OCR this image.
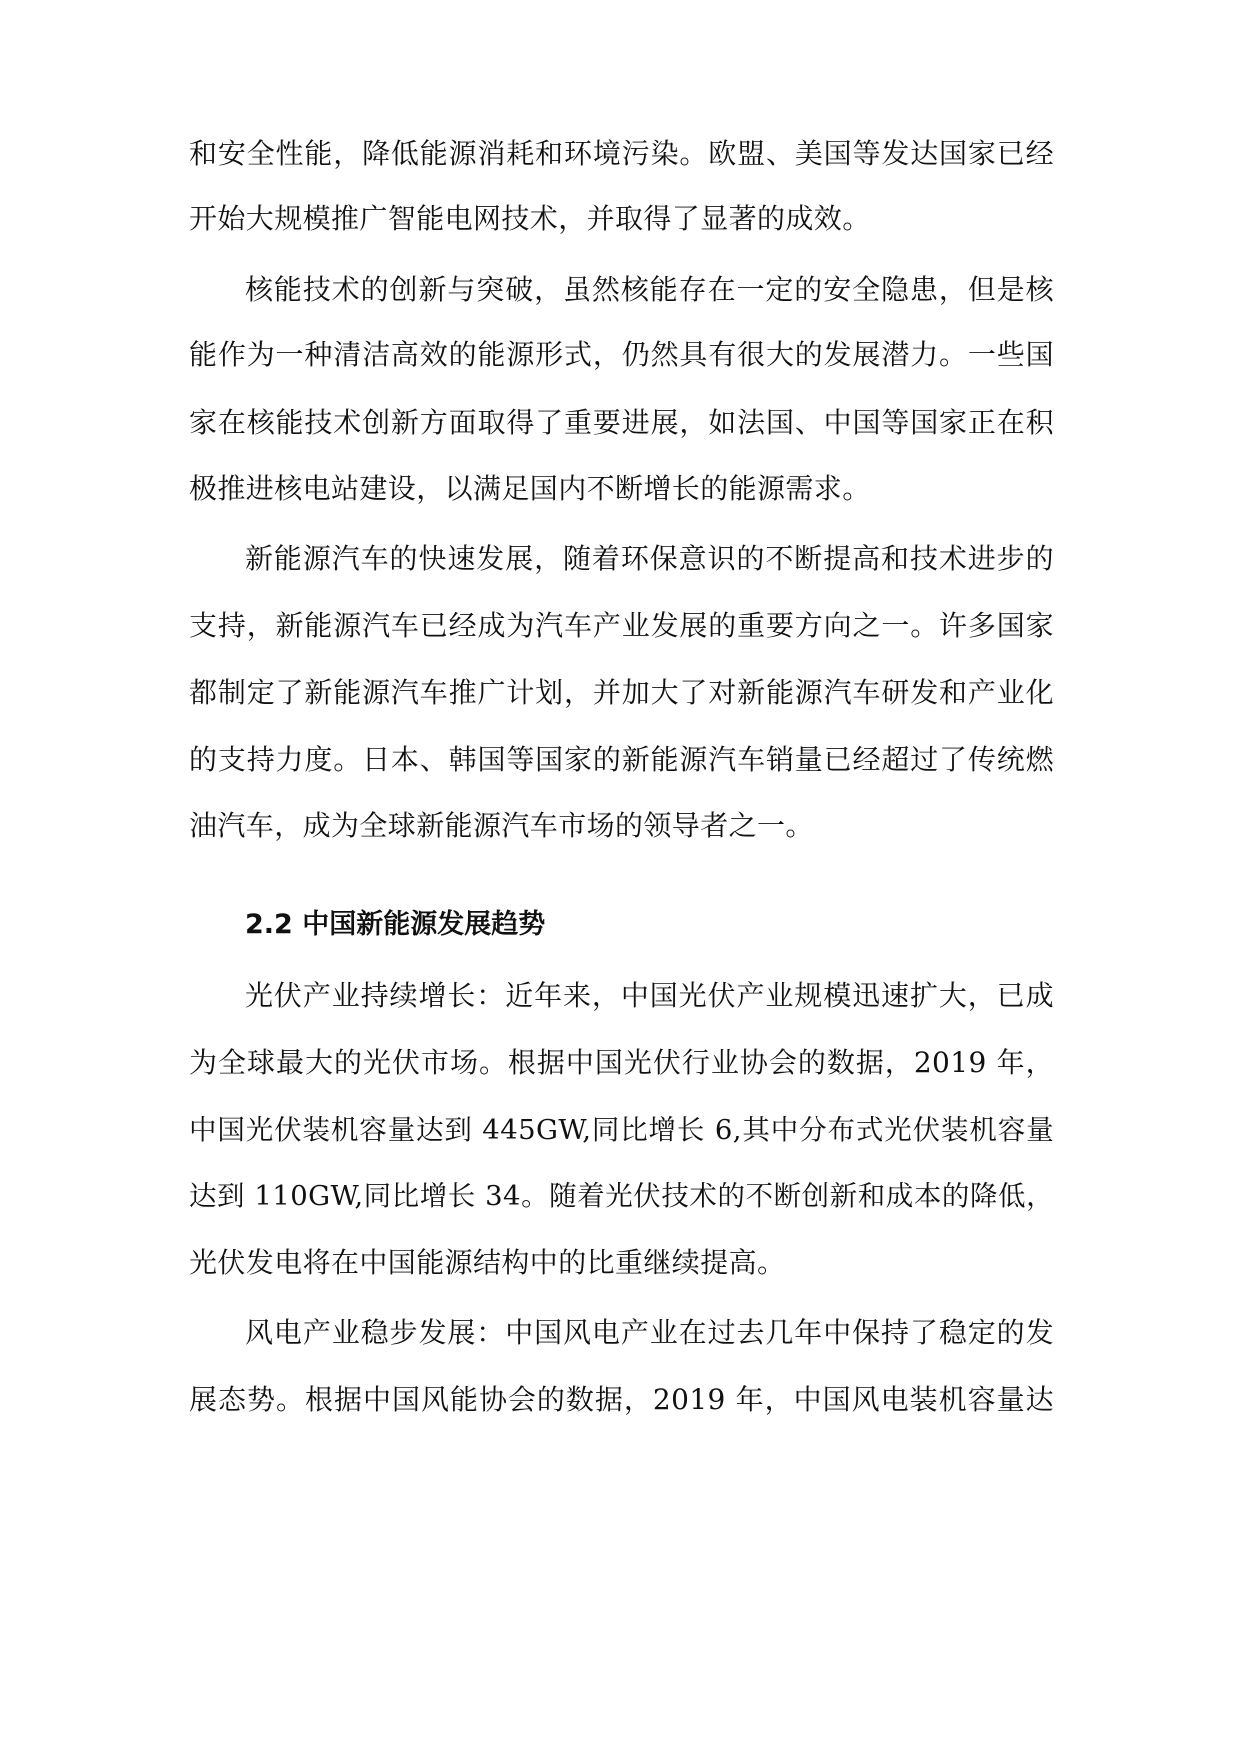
和安全性能，降低能源消耗和环境污染。欧盟、美国等发达国家已经
开始大规模推广智能电网技术，并取得了显著的成效。
核能技术的创新与突破，虽然核能存在一定的安全隐患，但是核
能作为一种清洁高效的能源形式，仍然具有很大的发展潜力。一些国
家在核能技术创新方面取得了重要进展，如法国、中国等国家正在积
极推进核电站建设，以满足国内不断增长的能源需求。
新能源汽车的快速发展，随着环保意识的不断提高和技术进步的
支持，新能源汽车已经成为汽车产业发展的重要方向之一。许多国家
都制定了新能源汽车推广计划，并加大了对新能源汽车研发和产业化
的支持力度。日本、韩国等国家的新能源汽车销量已经超过了传统燃
油汽车，成为全球新能源汽车市场的领导者之一。
2.2 中国新能源发展趋势
光伏产业持续增长：近年来，中国光伏产业规模迅速扩大，已成
为全球最大的光伏市场。根据中国光伏行业协会的数据，2019 年，
中国光伏装机容量达到 445GW,同比增长 6,其中分布式光伏装机容量
达到 110GW,同比增长 34。随着光伏技术的不断创新和成本的降低，
光伏发电将在中国能源结构中的比重继续提高。
风电产业稳步发展：中国风电产业在过去几年中保持了稳定的发
展态势。根据中国风能协会的数据，2019 年，中国风电装机容量达
